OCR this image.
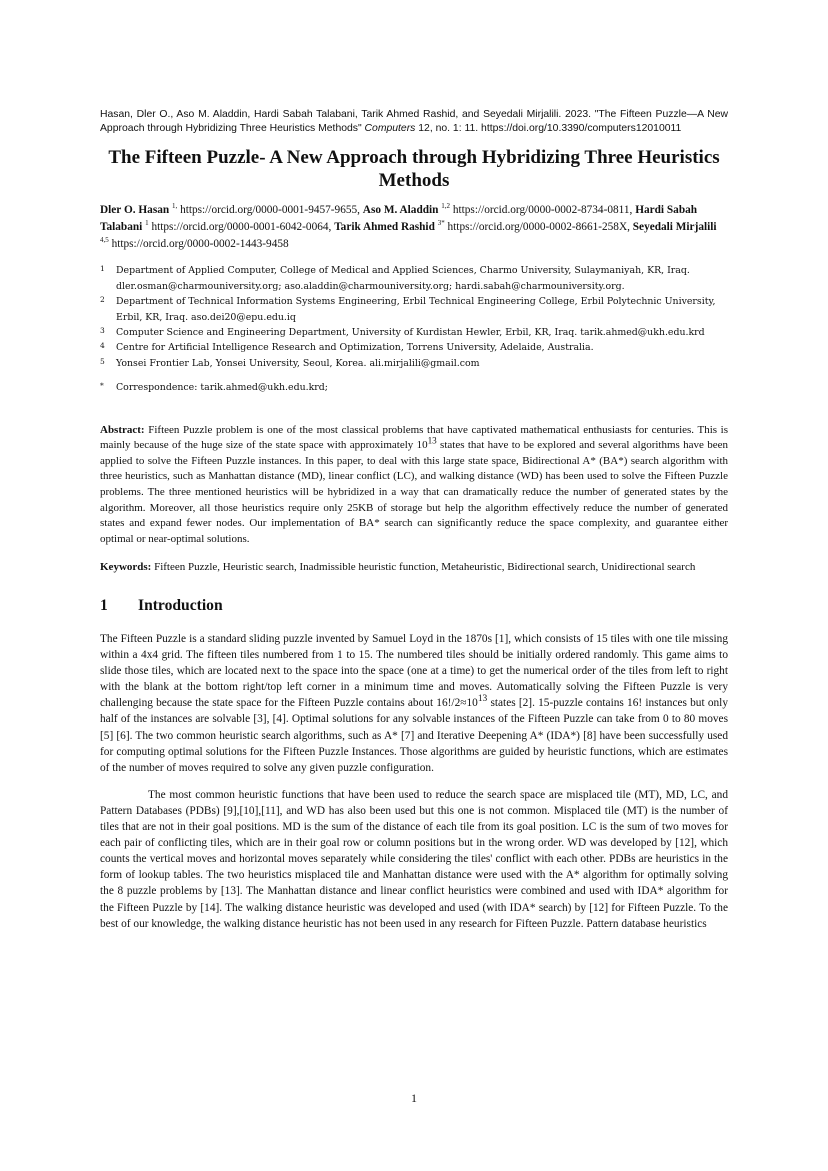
Hasan, Dler O., Aso M. Aladdin, Hardi Sabah Talabani, Tarik Ahmed Rashid, and Seyedali Mirjalili. 2023. "The Fifteen Puzzle—A New Approach through Hybridizing Three Heuristics Methods" Computers 12, no. 1: 11. https://doi.org/10.3390/computers12010011
The Fifteen Puzzle- A New Approach through Hybridizing Three Heuristics Methods
Dler O. Hasan $^{1,}$ https://orcid.org/0000-0001-9457-9655, Aso M. Aladdin $^{1,2}$ https://orcid.org/0000-0002-8734-0811, Hardi Sabah Talabani $^1$ https://orcid.org/0000-0001-6042-0064, Tarik Ahmed Rashid $^{3*}$ https://orcid.org/0000-0002-8661-258X, Seyedali Mirjalili $^{4,5}$ https://orcid.org/0000-0002-1443-9458
1 Department of Applied Computer, College of Medical and Applied Sciences, Charmo University, Sulaymaniyah, KR, Iraq. dler.osman@charmouniversity.org; aso.aladdin@charmouniversity.org; hardi.sabah@charmouniversity.org.
2 Department of Technical Information Systems Engineering, Erbil Technical Engineering College, Erbil Polytechnic University, Erbil, KR, Iraq. aso.dei20@epu.edu.iq
3 Computer Science and Engineering Department, University of Kurdistan Hewler, Erbil, KR, Iraq. tarik.ahmed@ukh.edu.krd
4 Centre for Artificial Intelligence Research and Optimization, Torrens University, Adelaide, Australia.
5 Yonsei Frontier Lab, Yonsei University, Seoul, Korea. ali.mirjalili@gmail.com
* Correspondence: tarik.ahmed@ukh.edu.krd;
Abstract: Fifteen Puzzle problem is one of the most classical problems that have captivated mathematical enthusiasts for centuries. This is mainly because of the huge size of the state space with approximately $10^{13}$ states that have to be explored and several algorithms have been applied to solve the Fifteen Puzzle instances. In this paper, to deal with this large state space, Bidirectional A* (BA*) search algorithm with three heuristics, such as Manhattan distance (MD), linear conflict (LC), and walking distance (WD) has been used to solve the Fifteen Puzzle problems. The three mentioned heuristics will be hybridized in a way that can dramatically reduce the number of generated states by the algorithm. Moreover, all those heuristics require only 25KB of storage but help the algorithm effectively reduce the number of generated states and expand fewer nodes. Our implementation of BA* search can significantly reduce the space complexity, and guarantee either optimal or near-optimal solutions.
Keywords: Fifteen Puzzle, Heuristic search, Inadmissible heuristic function, Metaheuristic, Bidirectional search, Unidirectional search
1	Introduction
The Fifteen Puzzle is a standard sliding puzzle invented by Samuel Loyd in the 1870s [1], which consists of 15 tiles with one tile missing within a 4x4 grid. The fifteen tiles numbered from 1 to 15. The numbered tiles should be initially ordered randomly. This game aims to slide those tiles, which are located next to the space into the space (one at a time) to get the numerical order of the tiles from left to right with the blank at the bottom right/top left corner in a minimum time and moves. Automatically solving the Fifteen Puzzle is very challenging because the state space for the Fifteen Puzzle contains about $16!/2\approx 10^{13}$ states [2]. 15-puzzle contains 16! instances but only half of the instances are solvable [3], [4]. Optimal solutions for any solvable instances of the Fifteen Puzzle can take from 0 to 80 moves [5] [6]. The two common heuristic search algorithms, such as A* [7] and Iterative Deepening A* (IDA*) [8] have been successfully used for computing optimal solutions for the Fifteen Puzzle Instances. Those algorithms are guided by heuristic functions, which are estimates of the number of moves required to solve any given puzzle configuration.
The most common heuristic functions that have been used to reduce the search space are misplaced tile (MT), MD, LC, and Pattern Databases (PDBs) [9],[10],[11], and WD has also been used but this one is not common. Misplaced tile (MT) is the number of tiles that are not in their goal positions. MD is the sum of the distance of each tile from its goal position. LC is the sum of two moves for each pair of conflicting tiles, which are in their goal row or column positions but in the wrong order. WD was developed by [12], which counts the vertical moves and horizontal moves separately while considering the tiles' conflict with each other. PDBs are heuristics in the form of lookup tables. The two heuristics misplaced tile and Manhattan distance were used with the A* algorithm for optimally solving the 8 puzzle problems by [13]. The Manhattan distance and linear conflict heuristics were combined and used with IDA* algorithm for the Fifteen Puzzle by [14]. The walking distance heuristic was developed and used (with IDA* search) by [12] for Fifteen Puzzle. To the best of our knowledge, the walking distance heuristic has not been used in any research for Fifteen Puzzle. Pattern database heuristics
1
